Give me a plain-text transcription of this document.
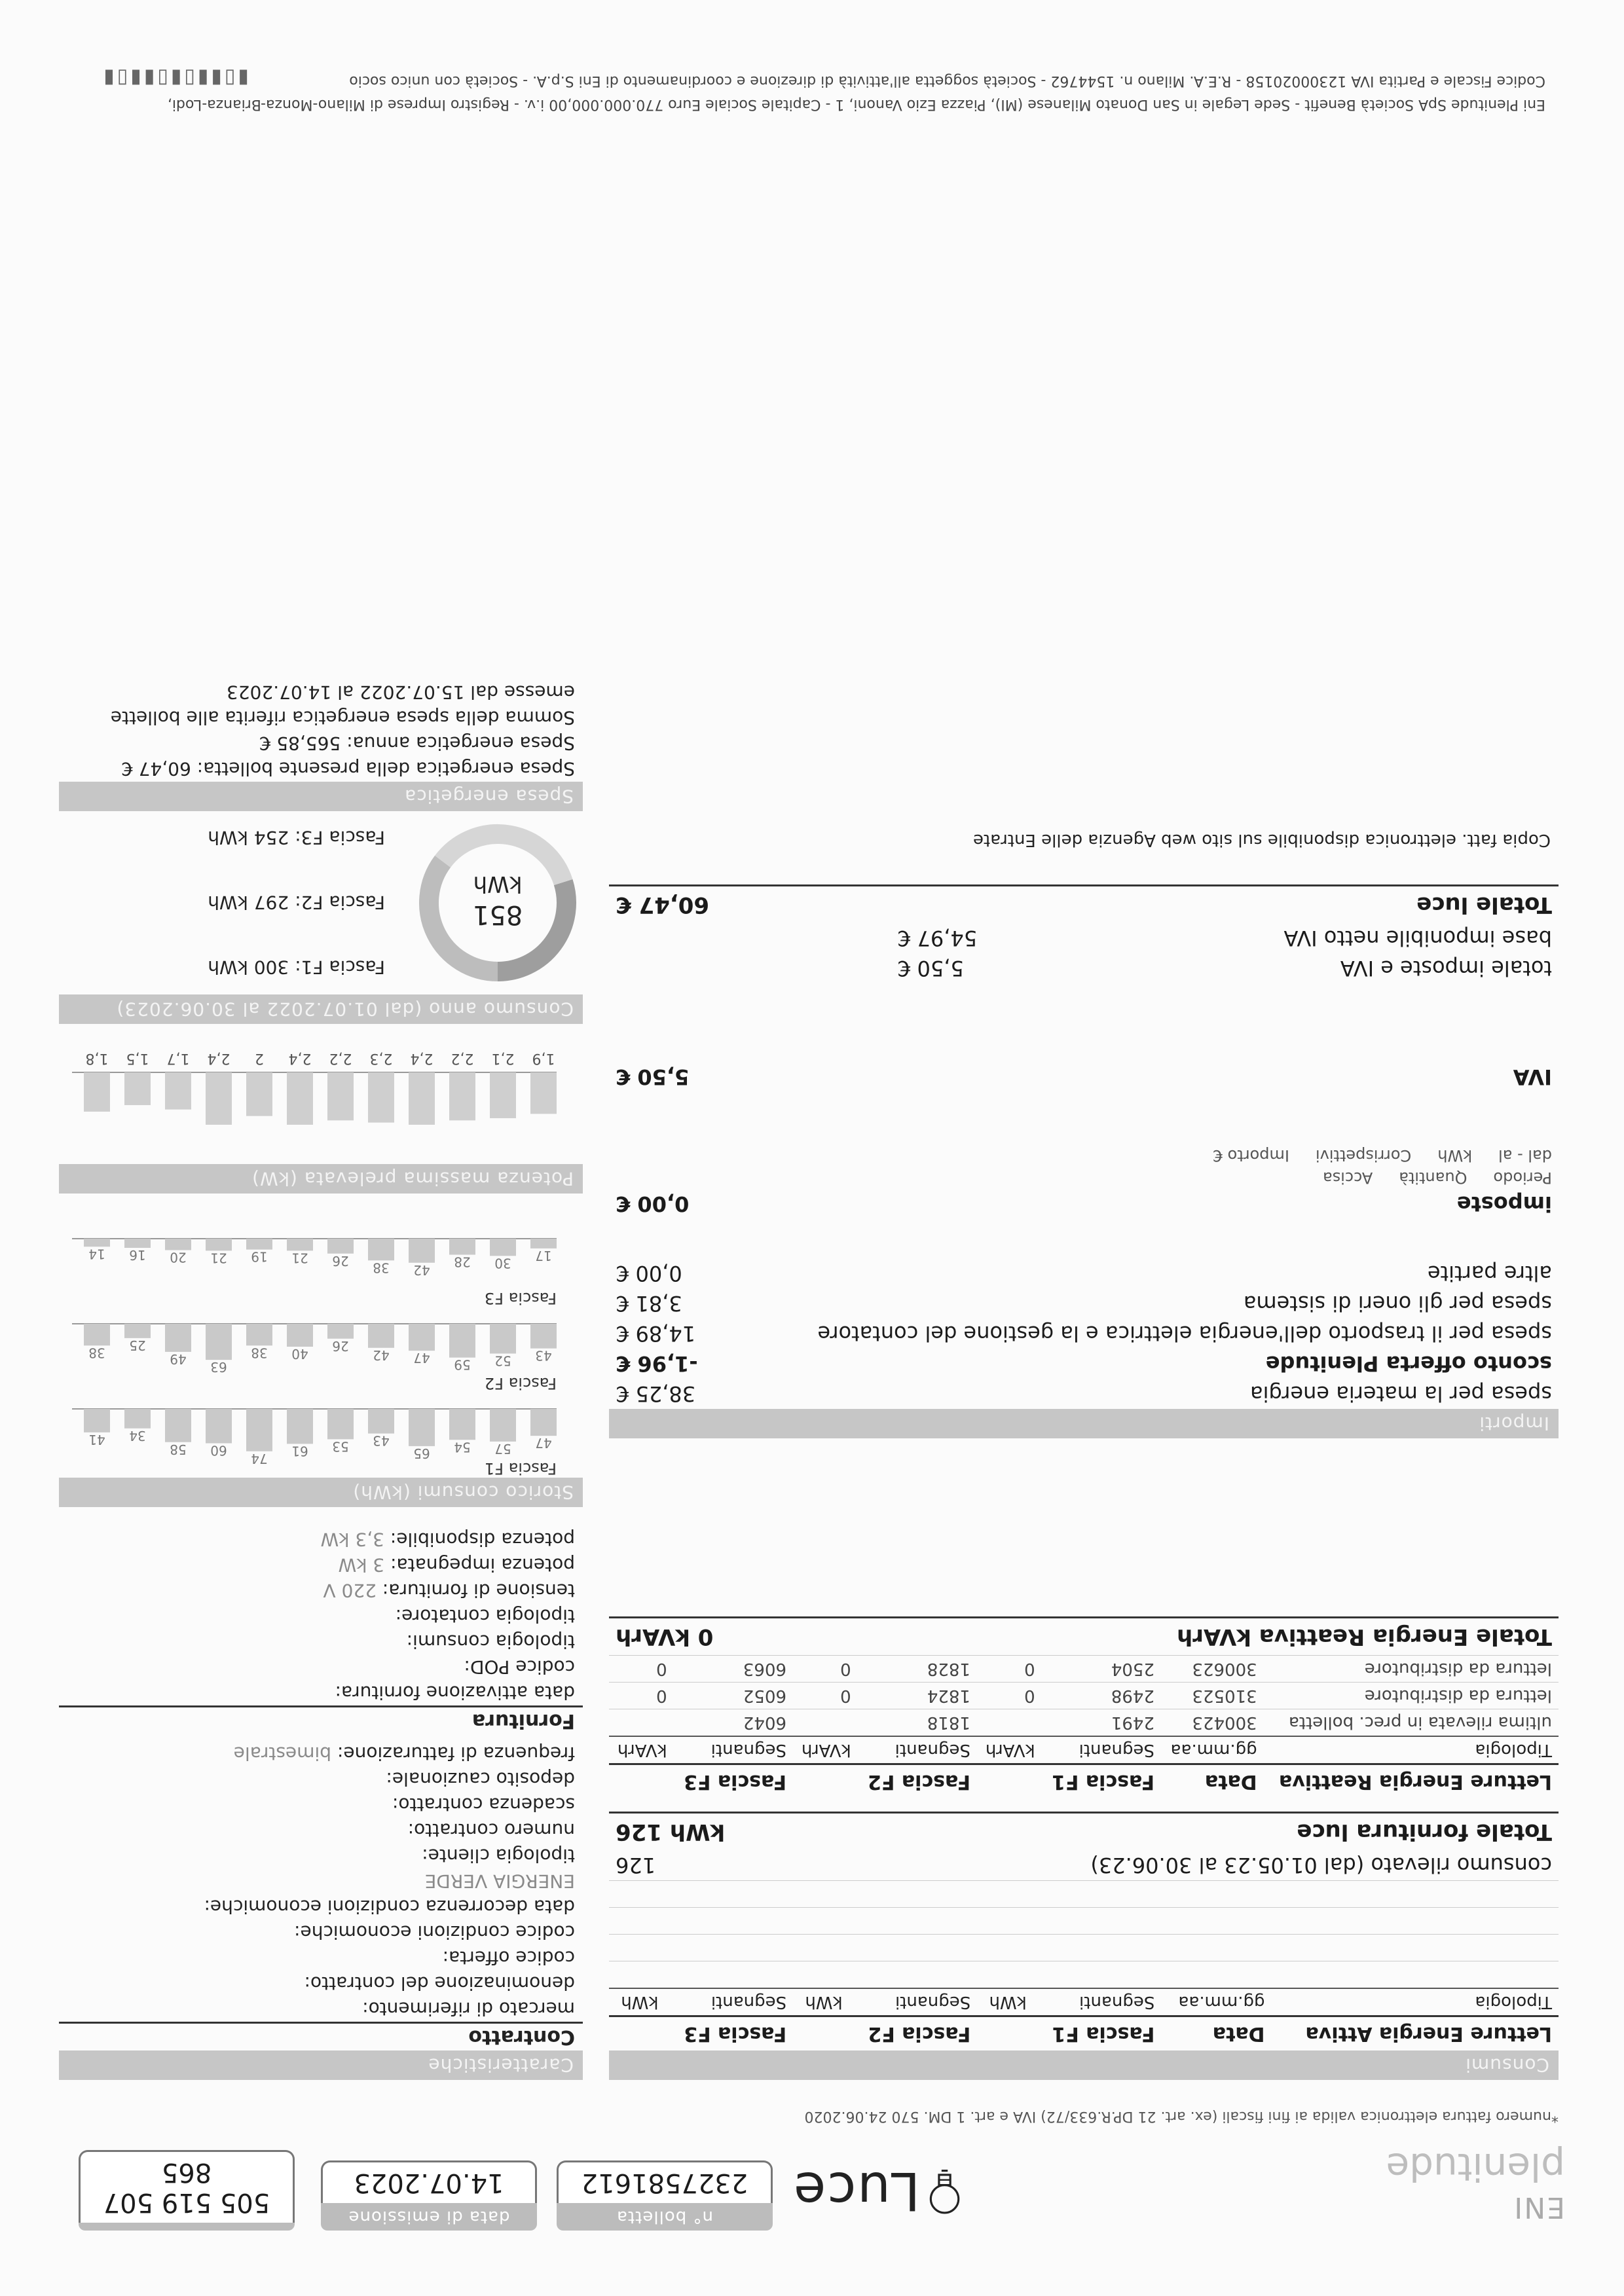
ENI
plenitude
Luce
n° bolletta
2327581612
data di emissione
14.07.2023
505 519 507 865
*numero fattura elettronica valida ai fini fiscali (ex. art. 21 DP.R.633/72) IVA e art. 1 DM. 570 24.06.2020
Consumi
Letture Energia Attiva	Data	Fascia F1		Fascia F2		Fascia F3	
Tipologia	gg.mm.aa	Segnanti	kWh	Segnanti	kWh	Segnanti	kWh

consumo rilevato (dal 01.05.23 al 30.06.23)
126
Totale fornitura luce
kWh 126
Letture Energia Reattiva	Data	Fascia F1		Fascia F2		Fascia F3	
Tipologia	gg.mm.aa	Segnanti	kVArh	Segnanti	kVArh	Segnanti	kVArh
ultima rilevata in prec. bolletta	300423	2491		1818		6042	
lettura da distributore	310523	2498	0	1824	0	6052	0
lettura da distributore	300623	2504	0	1828	0	6063	0
Totale Energia Reattiva kVArh
0 kVArh
Importi
spesa per la materia energia
38,25 €
sconto offerta Plenitude
-1,96 €
spesa per il trasporto dell'energia elettrica e la gestione del contatore
14,89 €
spesa per gli oneri di sistema
3,81 €
altre partite
0,00 €
imposte
0,00 €
Periodo
Quantità
Accisa
dal - al
kWh
Corrispettivi
Importo €
IVA
5,50 €
totale imposte e IVA
5,50 €
base imponibile netto IVA
54,97 €
Totale luce
60,47 €
Copia fatt. elettronica disponibile sul sito web Agenzia delle Entrate
Caratteristiche
Contratto
mercato di riferimento:
denominazione del contratto:
codice offerta:
codice condizioni economiche:
data decorrenza condizioni economiche:
ENERGIA VERDE
tipologia cliente:
numero contratto:
scadenza contratto:
deposito cauzionale:
frequenza di fatturazione: bimestrale
Fornitura
data attivazione fornitura:
codice POD:
tipologia consumi:
tipologia contatore:
tensione di fornitura: 220 V
potenza impegnata: 3 kW
potenza disponibile: 3,3 kW
Storico consumi (kWh)
Fascia F1
47
57
54
65
43
53
61
74
60
58
34
41
Fascia F2
43
52
59
47
42
26
40
38
63
49
25
38
Fascia F3
17
30
28
42
38
26
21
19
21
20
16
14
Potenza massima prelevata (kW)
1,9
2,1
2,2
2,4
2,3
2,2
2,4
2
2,4
1,7
1,5
1,8
Consumo anno (dal 01.07.2022 al 30.06.2023)
851
kWh
Fascia F1: 300 kWh
Fascia F2: 297 kWh
Fascia F3: 254 kWh
Spesa energetica
Spesa energetica della presente bolletta: 60,47 €
Spesa energetica annua: 565,85 €
Somma della spesa energetica riferita alle bollette
emesse dal 15.07.2022 al 14.07.2023
Eni Plenitude SpA Società Benefit - Sede Legale in San Donato Milanese (MI), Piazza Ezio Vanoni, 1 - Capitale Sociale Euro 770.000.000,00 i.v. - Registro Imprese di Milano-Monza-Brianza-Lodi,
Codice Fiscale e Partita IVA 12300020158 - R.E.A. Milano n. 1544762 - Società soggetta all'attività di direzione e coordinamento di Eni S.p.A. - Società con unico socio
▮▯▮▮▯▮▯▮▮▯▮
